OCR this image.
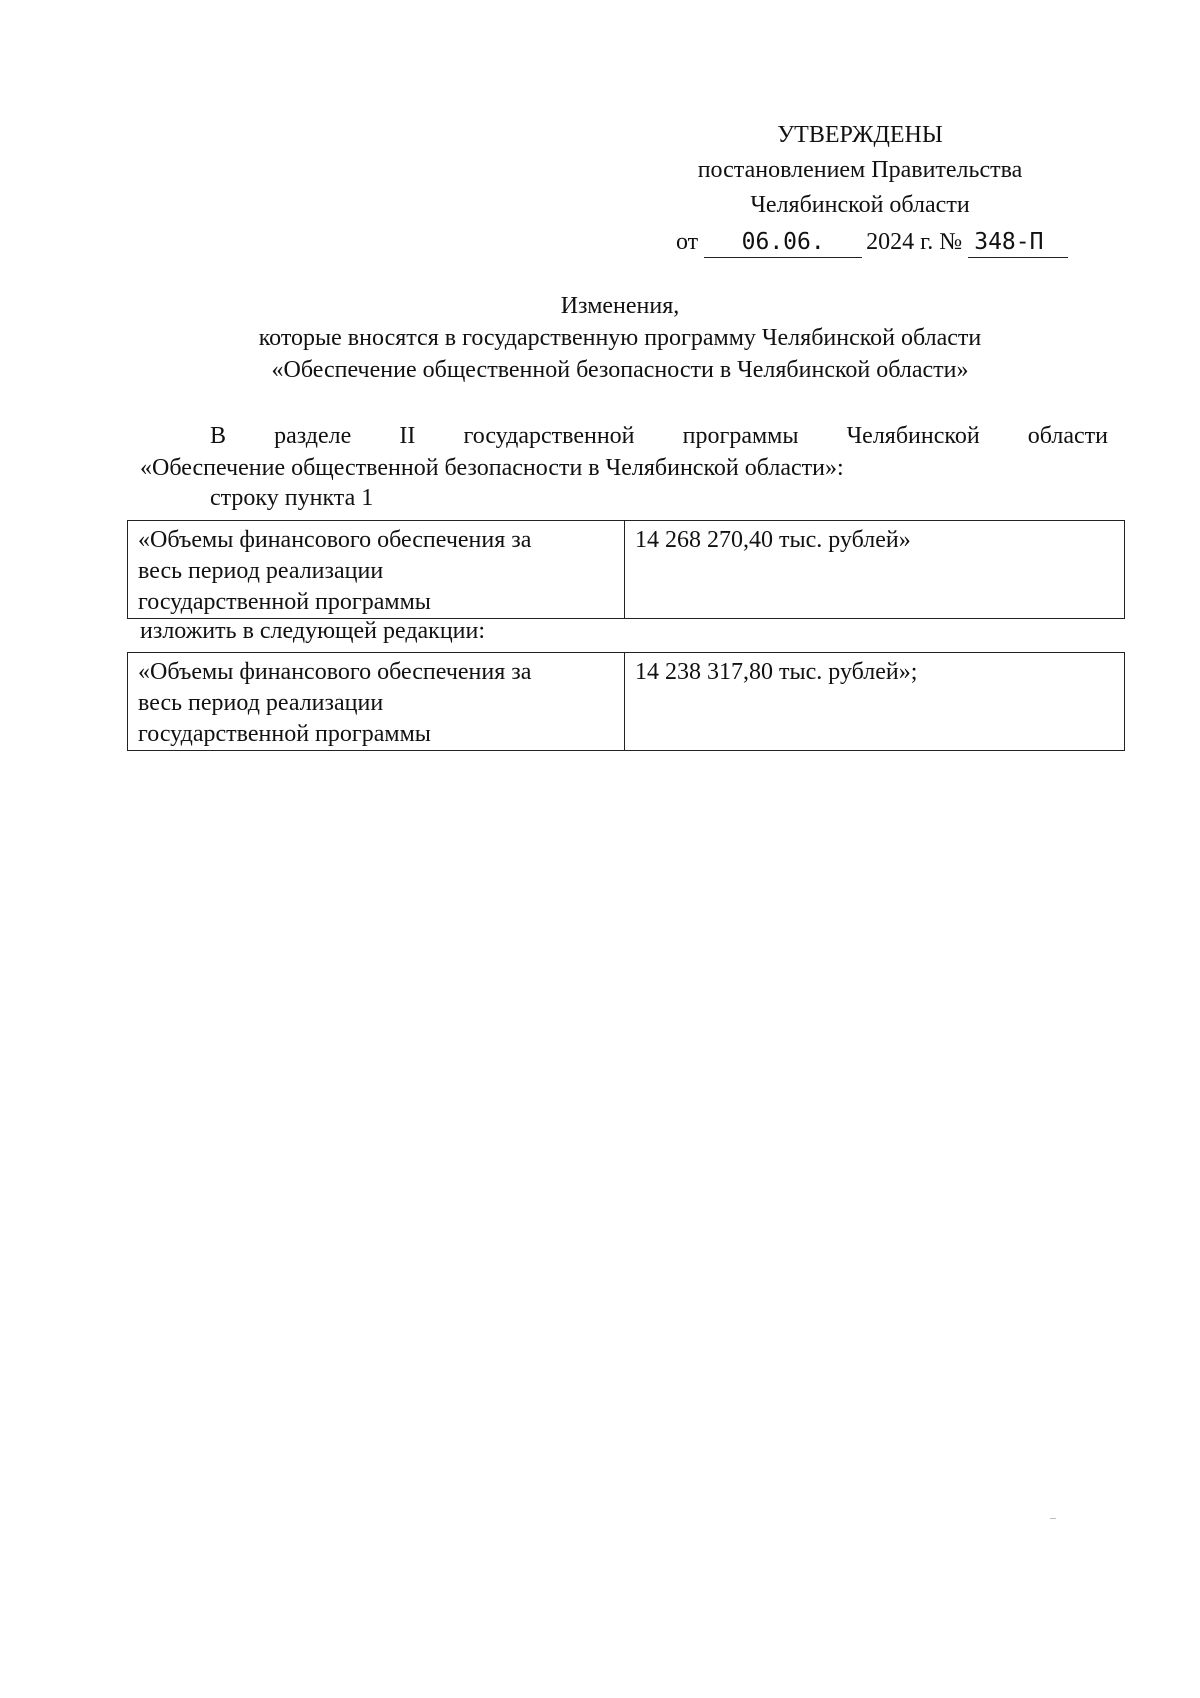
УТВЕРЖДЕНЫ
постановлением Правительства
Челябинской области
от 06.06. 2024 г. № 348-П
Изменения,
которые вносятся в государственную программу Челябинской области
«Обеспечение общественной безопасности в Челябинской области»
В разделе II государственной программы Челябинской области
«Обеспечение общественной безопасности в Челябинской области»:
строку пункта 1
«Объемы финансового обеспечения за
весь период реализации
государственной программы
	14 268 270,40 тыс. рублей»
изложить в следующей редакции:
«Объемы финансового обеспечения за
весь период реализации
государственной программы
	14 238 317,80 тыс. рублей»;
